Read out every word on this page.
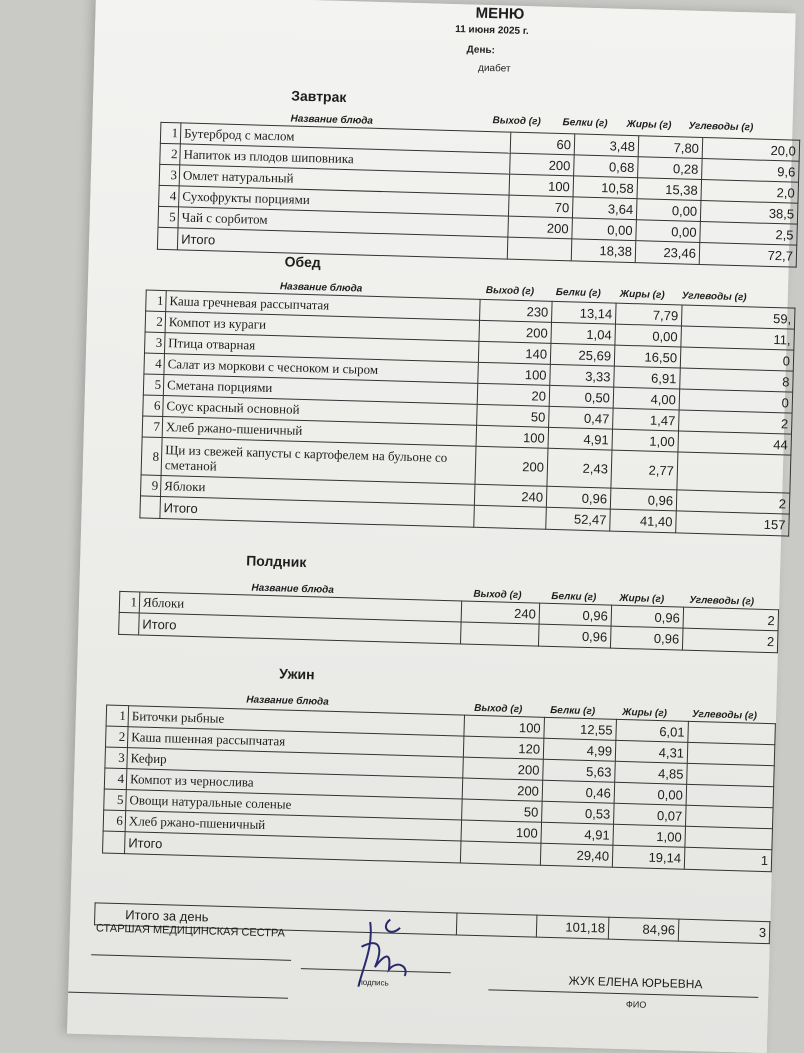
МЕНЮ
11 июня 2025 г.
День:
диабет
Завтрак
Название блюда	Выход (г) Белки (г) Жиры (г) Углеводы (г)
1	Бутерброд с маслом	60	3,48	7,80	20,0
2	Напиток из плодов шиповника	200	0,68	0,28	9,6
3	Омлет натуральный	100	10,58	15,38	2,0
4	Сухофрукты порциями	70	3,64	0,00	38,5
5	Чай с сорбитом	200	0,00	0,00	2,5
	Итого		18,38	23,46	72,7
Обед
Название блюда	Выход (г) Белки (г) Жиры (г) Углеводы (г)
1	Каша гречневая рассыпчатая	230	13,14	7,79	59,
2	Компот из кураги	200	1,04	0,00	11,
3	Птица отварная	140	25,69	16,50	0
4	Салат из моркови с чесноком и сыром	100	3,33	6,91	8
5	Сметана порциями	20	0,50	4,00	0
6	Соус красный основной	50	0,47	1,47	2
7	Хлеб ржано-пшеничный	100	4,91	1,00	44
8	Щи из свежей капусты с картофелем на бульоне со сметаной	200	2,43	2,77	
9	Яблоки	240	0,96	0,96	2
	Итого		52,47	41,40	157
Полдник
Название блюда	Выход (г)	Белки (г) Жиры (г) Углеводы (г)
1	Яблоки	240	0,96	0,96	2
	Итого		0,96	0,96	2
Ужин
Название блюда
Выход (г)	Белки (г)	Жиры (г) Углеводы (г)
1	Биточки рыбные	100	12,55	6,01	
2	Каша пшенная рассыпчатая	120	4,99	4,31	
3	Кефир	200	5,63	4,85	
4	Компот из чернослива	200	0,46	0,00	
5	Овощи натуральные соленые	50	0,53	0,07	
6	Хлеб ржано-пшеничный	100	4,91	1,00	
	Итого		29,40	19,14	1
Итого за день		101,18	84,96	3
СТАРШАЯ МЕДИЦИНСКАЯ СЕСТРА
подпись	ЖУК ЕЛЕНА ЮРЬЕВНА
ФИО
